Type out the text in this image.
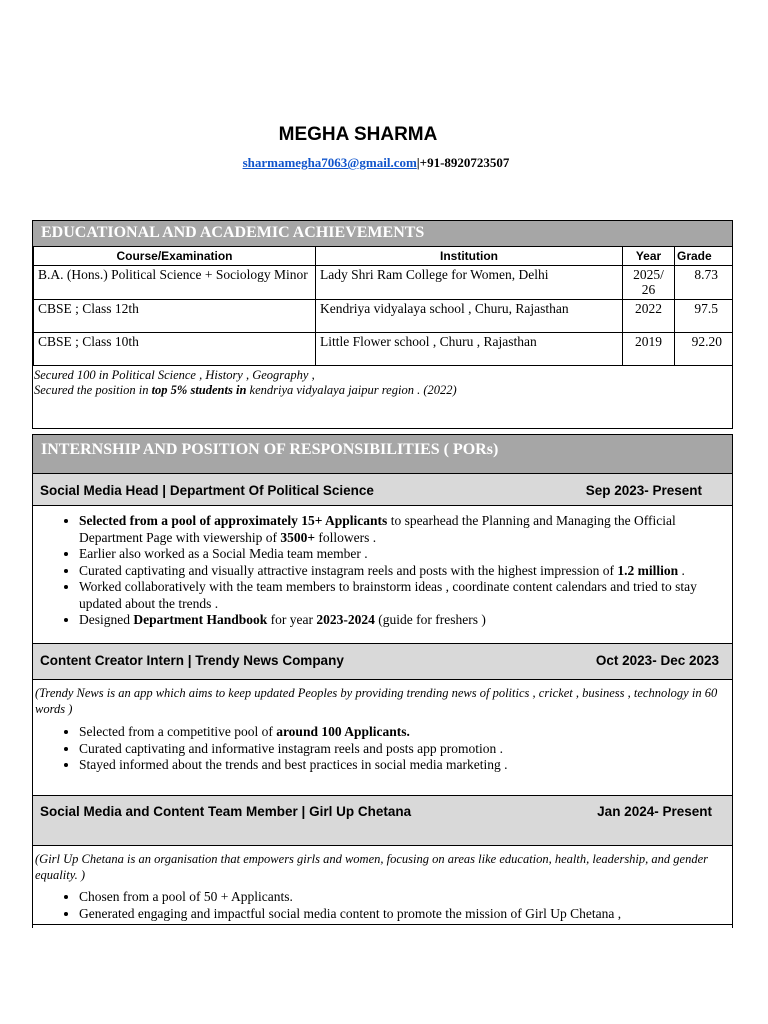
MEGHA SHARMA
sharmamegha7063@gmail.com|+91-8920723507
EDUCATIONAL AND ACADEMIC ACHIEVEMENTS
Course/Examination	Institution	Year	Grade
B.A. (Hons.) Political Science + Sociology Minor	Lady Shri Ram College for Women, Delhi	2025/ 26	8.73
CBSE ; Class 12th	Kendriya vidyalaya school , Churu, Rajasthan	2022	97.5
CBSE ; Class 10th	Little Flower school , Churu , Rajasthan	2019	92.20
Secured 100 in Political Science , History , Geography ,
Secured the position in top 5% students in kendriya vidyalaya jaipur region . (2022)
INTERNSHIP AND POSITION OF RESPONSIBILITIES ( PORs)
Social Media Head | Department Of Political Science	Sep 2023- Present
• Selected from a pool of approximately 15+ Applicants to spearhead the Planning and Managing the Official Department Page with viewership of 3500+ followers .
• Earlier also worked as a Social Media team member .
• Curated captivating and visually attractive instagram reels and posts with the highest impression of 1.2 million .
• Worked collaboratively with the team members to brainstorm ideas , coordinate content calendars and tried to stay updated about the trends .
• Designed Department Handbook for year 2023-2024 (guide for freshers )
Content Creator Intern | Trendy News Company	Oct 2023- Dec 2023
(Trendy News is an app which aims to keep updated Peoples by providing trending news of politics , cricket , business , technology in 60 words )
• Selected from a competitive pool of around 100 Applicants.
• Curated captivating and informative instagram reels and posts app promotion .
• Stayed informed about the trends and best practices in social media marketing .
Social Media and Content Team Member | Girl Up Chetana	Jan 2024- Present
(Girl Up Chetana is an organisation that empowers girls and women, focusing on areas like education, health, leadership, and gender equality. )
• Chosen from a pool of 50 + Applicants.
• Generated engaging and impactful social media content to promote the mission of Girl Up Chetana ,
